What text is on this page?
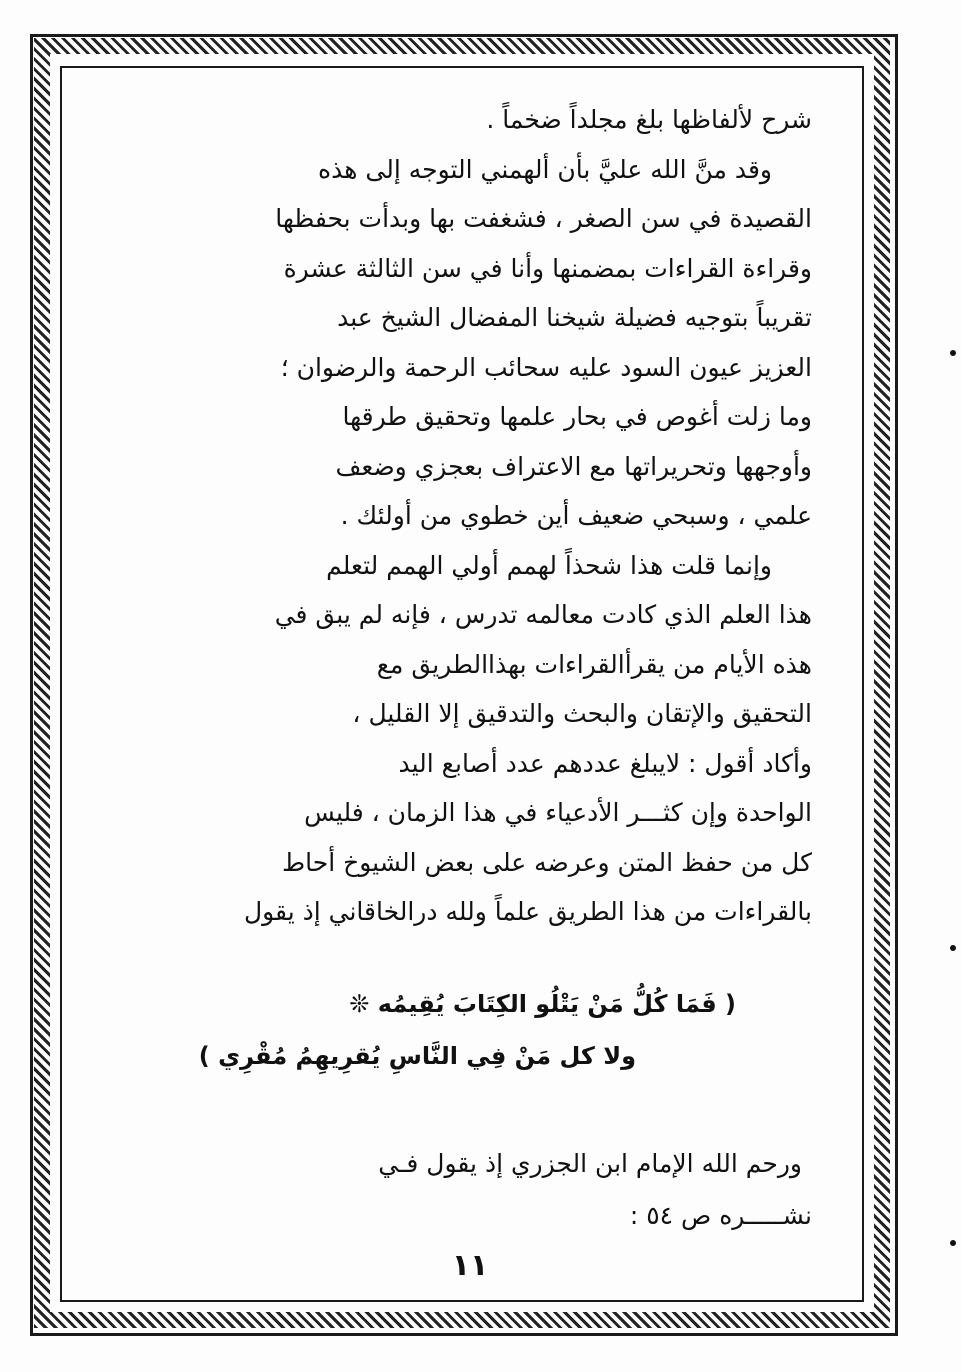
شرح لألفاظها بلغ مجلداً ضخماً .
وقد منَّ الله عليَّ بأن ألهمني التوجه إلى هذه
القصيدة في سن الصغر ، فشغفت بها وبدأت بحفظها
وقراءة القراءات بمضمنها وأنا في سن الثالثة عشرة
تقريباً بتوجيه فضيلة شيخنا المفضال الشيخ عبد
العزيز عيون السود عليه سحائب الرحمة والرضوان ؛
وما زلت أغوص في بحار علمها وتحقيق طرقها
وأوجهها وتحريراتها مع الاعتراف بعجزي وضعف
علمي ، وسبحي ضعيف أين خطوي من أولئك .
وإنما قلت هذا شحذاً لهمم أولي الهمم لتعلم
هذا العلم الذي كادت معالمه تدرس ، فإنه لم يبق في
هذه الأيام من يقرأالقراءات بهذاالطريق مع
التحقيق والإتقان والبحث والتدقيق إلا القليل ،
وأكاد أقول : لايبلغ عددهم عدد أصابع اليد
الواحدة وإن كثـــر الأدعياء في هذا الزمان ، فليس
كل من حفظ المتن وعرضه على بعض الشيوخ أحاط
بالقراءات من هذا الطريق علماً ولله درالخاقاني إذ يقول
( فَمَا كُلُّ مَنْ يَتْلُو الكِتَابَ يُقِيمُه ❊
ولا كل مَنْ فِي النَّاسِ يُقرِيهِمُ مُقْرِي )
ورحم الله الإمام ابن الجزري إذ يقول فـي
نشـــــره ص ٥٤ :
١١
